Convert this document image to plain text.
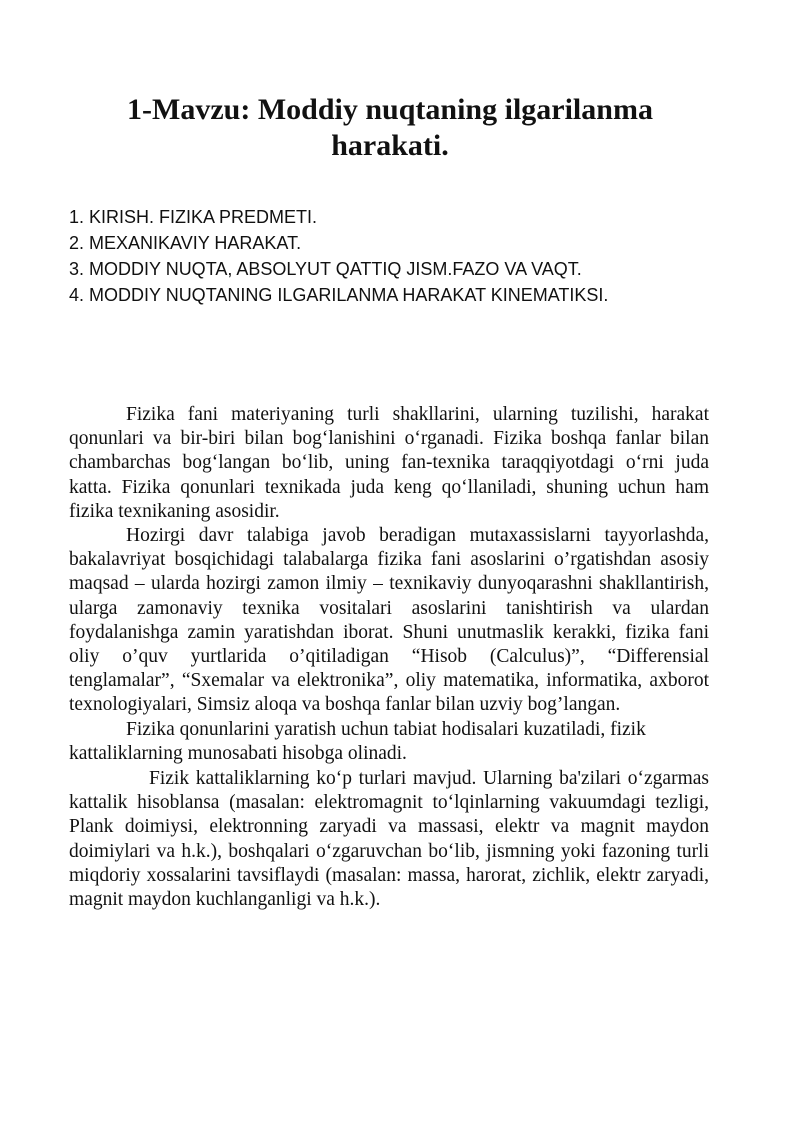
1-Mavzu: Moddiy nuqtaning ilgarilanma harakati.
1. KIRISH. FIZIKA PREDMETI.
2. MEXANIKAVIY HARAKAT.
3. MODDIY NUQTA, ABSOLYUT QATTIQ JISM.FAZO VA VAQT.
4. MODDIY NUQTANING ILGARILANMA HARAKAT KINEMATIKSI.

Fizika fani materiyaning turli shakllarini, ularning tuzilishi, harakat qonunlari va bir-biri bilan bog‘lanishini o‘rganadi. Fizika boshqa fanlar bilan chambarchas bog‘langan bo‘lib, uning fan-texnika taraqqiyotdagi o‘rni juda katta. Fizika qonunlari texnikada juda keng qo‘llaniladi, shuning uchun ham fizika texnikaning asosidir.

Hozirgi davr talabiga javob beradigan mutaxassislarni tayyorlashda, bakalavriyat bosqichidagi talabalarga fizika fani asoslarini o’rgatishdan asosiy maqsad – ularda hozirgi zamon ilmiy – texnikaviy dunyoqarashni shakllantirish, ularga zamonaviy texnika vositalari asoslarini tanishtirish va ulardan foydalanishga zamin yaratishdan iborat. Shuni unutmaslik kerakki, fizika fani oliy o’quv yurtlarida o’qitiladigan “Hisob (Calculus)”, “Differensial tenglamalar”, “Sxemalar va elektronika”, oliy matematika, informatika, axborot texnologiyalari, Simsiz aloqa va boshqa fanlar bilan uzviy bog’langan.

Fizika qonunlarini yaratish uchun tabiat hodisalari kuzatiladi, fizik kattaliklarning munosabati hisobga olinadi.

Fizik kattaliklarning ko‘p turlari mavjud. Ularning ba'zilari o‘zgarmas kattalik hisoblansa (masalan: elektromagnit to‘lqinlarning vakuumdagi tezligi, Plank doimiysi, elektronning zaryadi va massasi, elektr va magnit maydon doimiylari va h.k.), boshqalari o‘zgaruvchan bo‘lib, jismning yoki fazoning turli miqdoriy xossalarini tavsiflaydi (masalan: massa, harorat, zichlik, elektr zaryadi, magnit maydon kuchlanganligi va h.k.).
